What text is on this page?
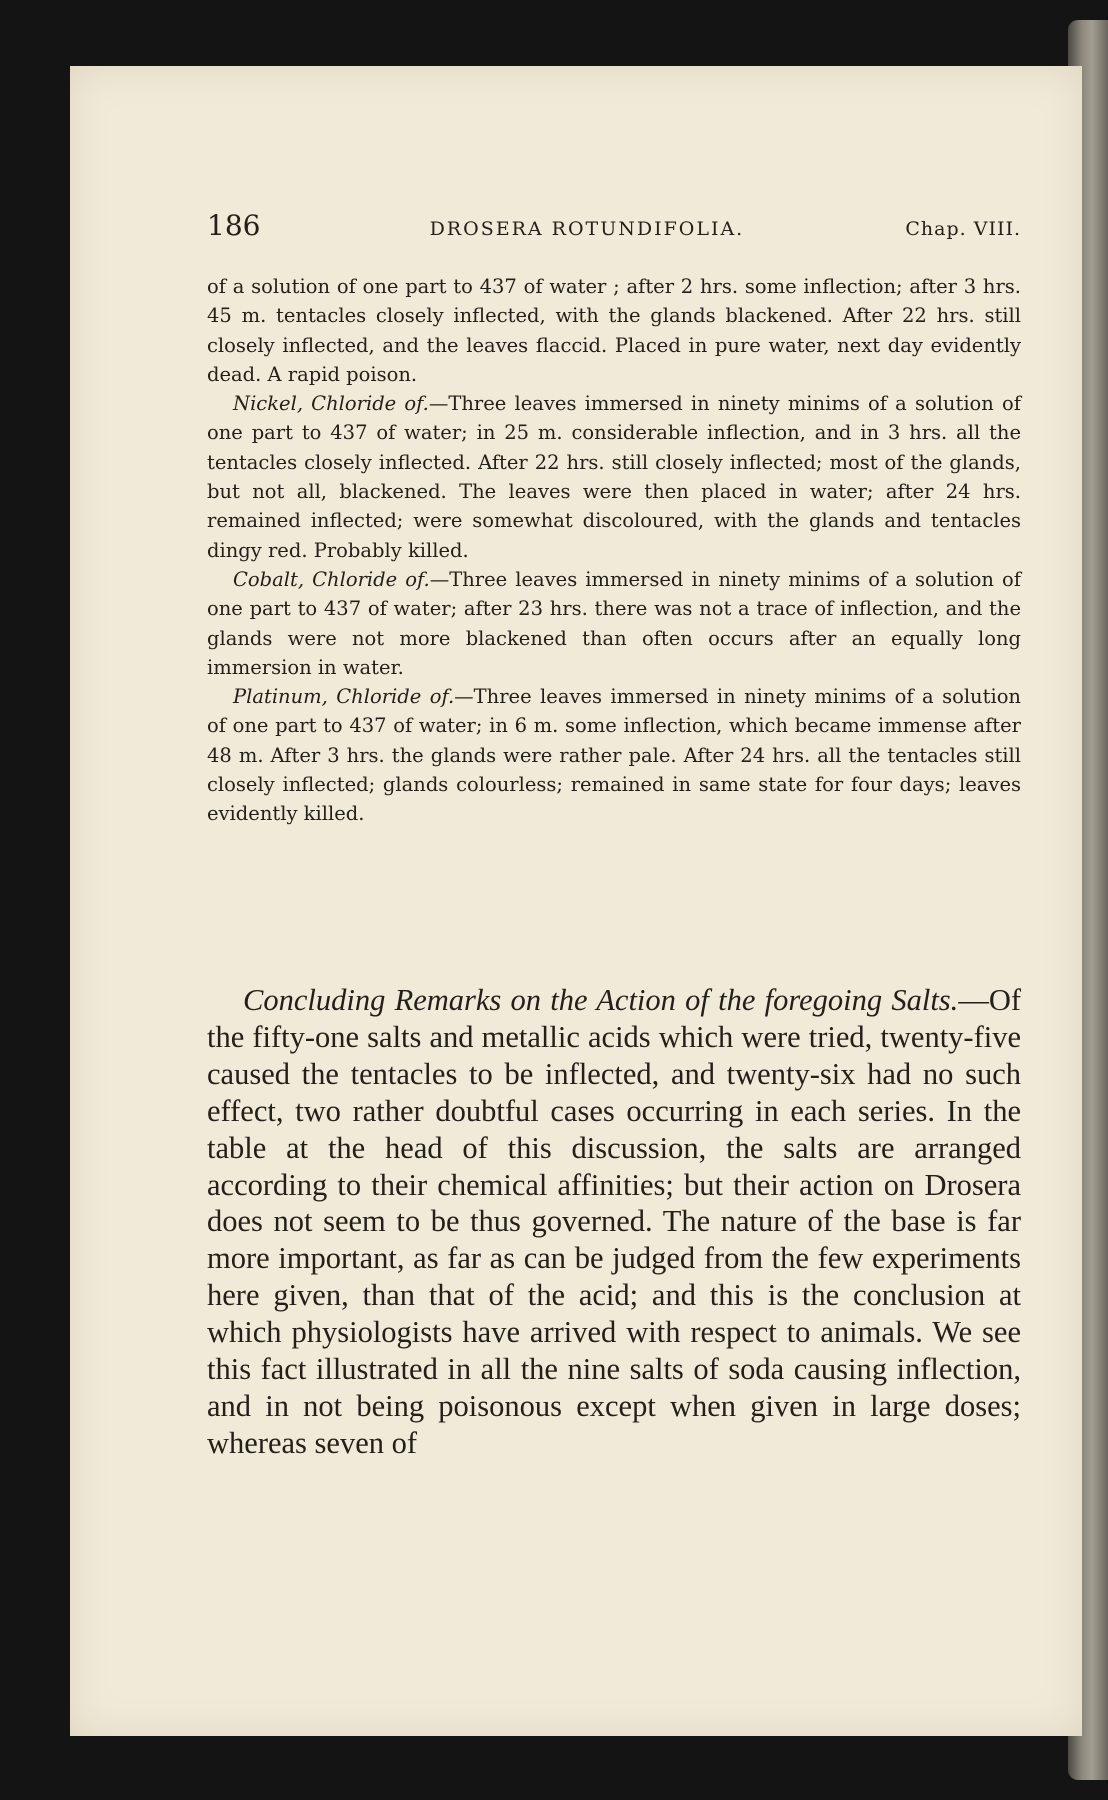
186	DROSERA ROTUNDIFOLIA.	Chap. VIII.

of a solution of one part to 437 of water ; after 2 hrs. some inflection; after 3 hrs. 45 m. tentacles closely inflected, with the glands blackened. After 22 hrs. still closely inflected, and the leaves flaccid. Placed in pure water, next day evidently dead. A rapid poison.

Nickel, Chloride of.—Three leaves immersed in ninety minims of a solution of one part to 437 of water; in 25 m. considerable inflection, and in 3 hrs. all the tentacles closely inflected. After 22 hrs. still closely inflected; most of the glands, but not all, blackened. The leaves were then placed in water; after 24 hrs. remained inflected; were somewhat discoloured, with the glands and tentacles dingy red. Probably killed.

Cobalt, Chloride of.—Three leaves immersed in ninety minims of a solution of one part to 437 of water; after 23 hrs. there was not a trace of inflection, and the glands were not more blackened than often occurs after an equally long immersion in water.

Platinum, Chloride of.—Three leaves immersed in ninety minims of a solution of one part to 437 of water; in 6 m. some inflection, which became immense after 48 m. After 3 hrs. the glands were rather pale. After 24 hrs. all the tentacles still closely inflected; glands colourless; remained in same state for four days; leaves evidently killed.

Concluding Remarks on the Action of the foregoing Salts.—Of the fifty-one salts and metallic acids which were tried, twenty-five caused the tentacles to be inflected, and twenty-six had no such effect, two rather doubtful cases occurring in each series. In the table at the head of this discussion, the salts are arranged according to their chemical affinities; but their action on Drosera does not seem to be thus governed. The nature of the base is far more important, as far as can be judged from the few experiments here given, than that of the acid; and this is the conclusion at which physiologists have arrived with respect to animals. We see this fact illustrated in all the nine salts of soda causing inflection, and in not being poisonous except when given in large doses; whereas seven of
